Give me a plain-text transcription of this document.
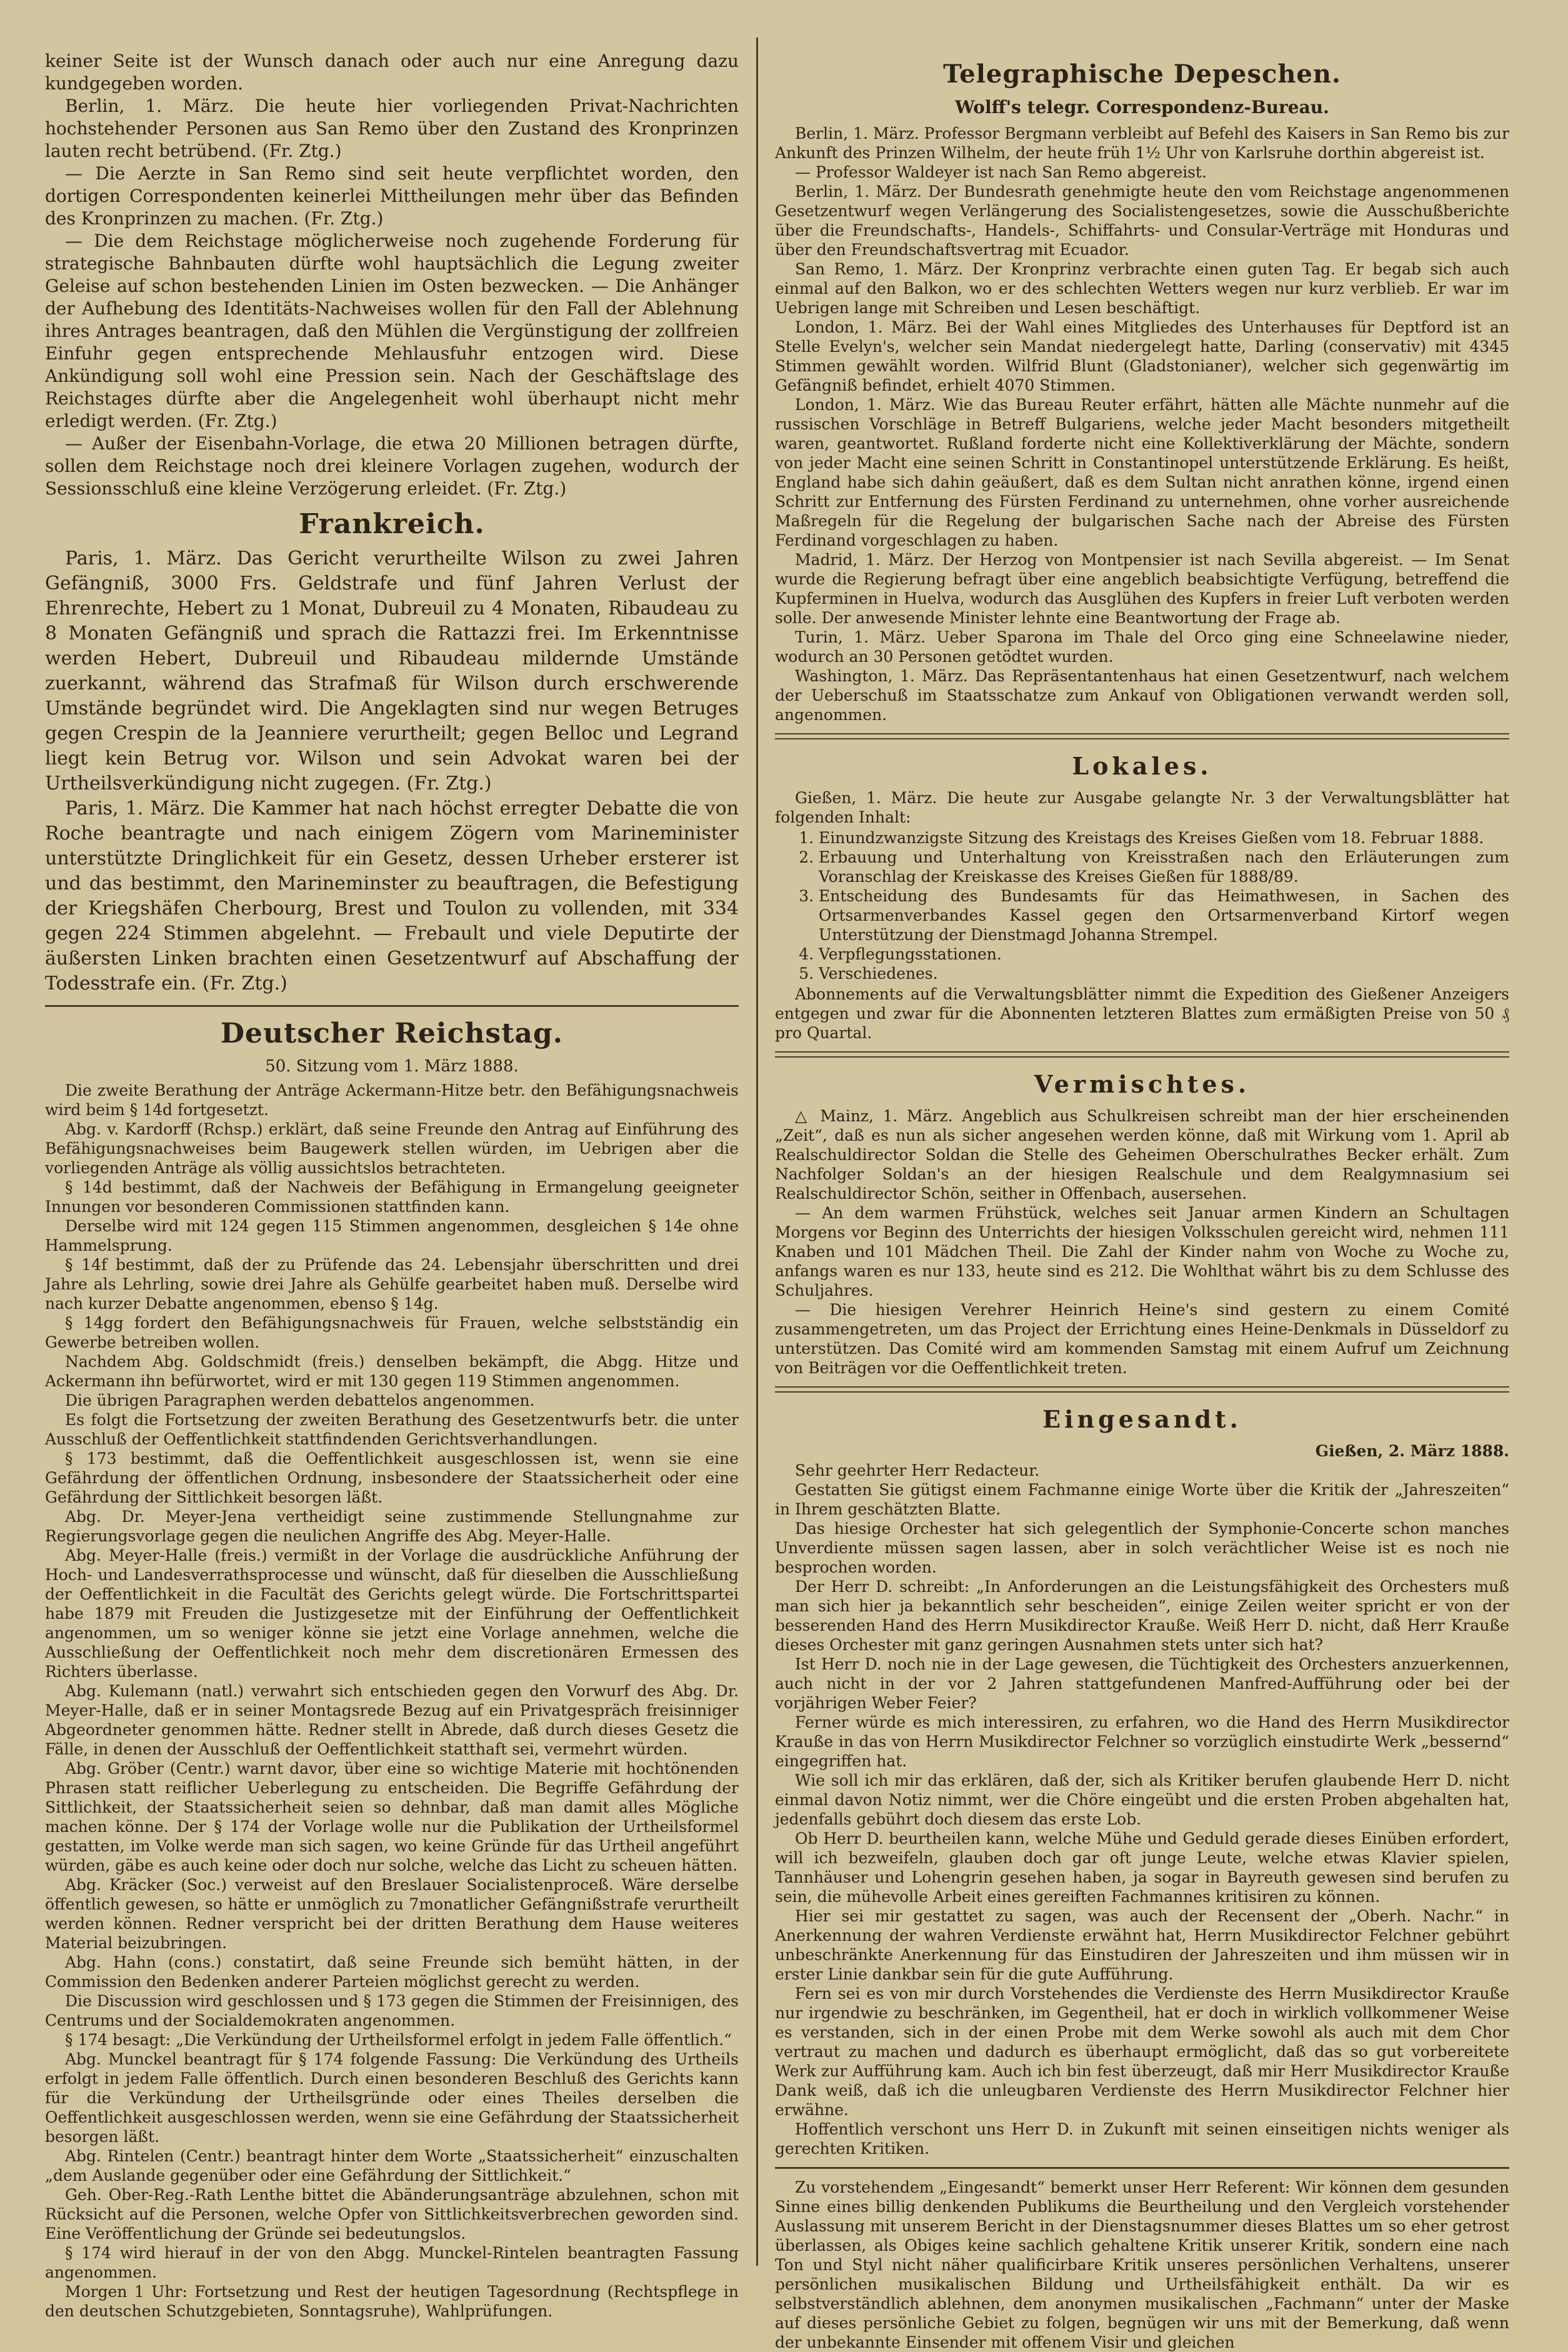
keiner Seite ist der Wunsch danach oder auch nur eine Anregung dazu kundgegeben worden.

Berlin, 1. März. Die heute hier vorliegenden Privat-Nachrichten hochstehender Personen aus San Remo über den Zustand des Kronprinzen lauten recht betrübend. (Fr. Ztg.)

— Die Aerzte in San Remo sind seit heute verpflichtet worden, den dortigen Correspondenten keinerlei Mittheilungen mehr über das Befinden des Kronprinzen zu machen. (Fr. Ztg.)

— Die dem Reichstage möglicherweise noch zugehende Forderung für strategische Bahnbauten dürfte wohl hauptsächlich die Legung zweiter Geleise auf schon bestehenden Linien im Osten bezwecken. — Die Anhänger der Aufhebung des Identitäts-Nachweises wollen für den Fall der Ablehnung ihres Antrages beantragen, daß den Mühlen die Vergünstigung der zollfreien Einfuhr gegen entsprechende Mehlausfuhr entzogen wird. Diese Ankündigung soll wohl eine Pression sein. Nach der Geschäftslage des Reichstages dürfte aber die Angelegenheit wohl überhaupt nicht mehr erledigt werden. (Fr. Ztg.)

— Außer der Eisenbahn-Vorlage, die etwa 20 Millionen betragen dürfte, sollen dem Reichstage noch drei kleinere Vorlagen zugehen, wodurch der Sessionsschluß eine kleine Verzögerung erleidet. (Fr. Ztg.)

Frankreich.

Paris, 1. März. Das Gericht verurtheilte Wilson zu zwei Jahren Gefängniß, 3000 Frs. Geldstrafe und fünf Jahren Verlust der Ehrenrechte, Hebert zu 1 Monat, Dubreuil zu 4 Monaten, Ribaudeau zu 8 Monaten Gefängniß und sprach die Rattazzi frei. Im Erkenntnisse werden Hebert, Dubreuil und Ribaudeau mildernde Umstände zuerkannt, während das Strafmaß für Wilson durch erschwerende Umstände begründet wird. Die Angeklagten sind nur wegen Betruges gegen Crespin de la Jeanniere verurtheilt; gegen Belloc und Legrand liegt kein Betrug vor. Wilson und sein Advokat waren bei der Urtheilsverkündigung nicht zugegen. (Fr. Ztg.)

Paris, 1. März. Die Kammer hat nach höchst erregter Debatte die von Roche beantragte und nach einigem Zögern vom Marineminister unterstützte Dringlichkeit für ein Gesetz, dessen Urheber ersterer ist und das bestimmt, den Marineminster zu beauftragen, die Befestigung der Kriegshäfen Cherbourg, Brest und Toulon zu vollenden, mit 334 gegen 224 Stimmen abgelehnt. — Frebault und viele Deputirte der äußersten Linken brachten einen Gesetzentwurf auf Abschaffung der Todesstrafe ein. (Fr. Ztg.)

Deutscher Reichstag.
50. Sitzung vom 1. März 1888.

Die zweite Berathung der Anträge Ackermann-Hitze betr. den Befähigungsnachweis wird beim § 14d fortgesetzt.

Abg. v. Kardorff (Rchsp.) erklärt, daß seine Freunde den Antrag auf Einführung des Befähigungsnachweises beim Baugewerk stellen würden, im Uebrigen aber die vorliegenden Anträge als völlig aussichtslos betrachteten.

§ 14d bestimmt, daß der Nachweis der Befähigung in Ermangelung geeigneter Innungen vor besonderen Commissionen stattfinden kann.

Derselbe wird mit 124 gegen 115 Stimmen angenommen, desgleichen § 14e ohne Hammelsprung.

§ 14f bestimmt, daß der zu Prüfende das 24. Lebensjahr überschritten und drei Jahre als Lehrling, sowie drei Jahre als Gehülfe gearbeitet haben muß. Derselbe wird nach kurzer Debatte angenommen, ebenso § 14g.

§ 14gg fordert den Befähigungsnachweis für Frauen, welche selbstständig ein Gewerbe betreiben wollen.

Nachdem Abg. Goldschmidt (freis.) denselben bekämpft, die Abgg. Hitze und Ackermann ihn befürwortet, wird er mit 130 gegen 119 Stimmen angenommen.

Die übrigen Paragraphen werden debattelos angenommen.

Es folgt die Fortsetzung der zweiten Berathung des Gesetzentwurfs betr. die unter Ausschluß der Oeffentlichkeit stattfindenden Gerichtsverhandlungen.

§ 173 bestimmt, daß die Oeffentlichkeit ausgeschlossen ist, wenn sie eine Gefährdung der öffentlichen Ordnung, insbesondere der Staatssicherheit oder eine Gefährdung der Sittlichkeit besorgen läßt.

Abg. Dr. Meyer-Jena vertheidigt seine zustimmende Stellungnahme zur Regierungsvorlage gegen die neulichen Angriffe des Abg. Meyer-Halle.

Abg. Meyer-Halle (freis.) vermißt in der Vorlage die ausdrückliche Anführung der Hoch- und Landesverrathsprocesse und wünscht, daß für dieselben die Ausschließung der Oeffentlichkeit in die Facultät des Gerichts gelegt würde. Die Fortschrittspartei habe 1879 mit Freuden die Justizgesetze mit der Einführung der Oeffentlichkeit angenommen, um so weniger könne sie jetzt eine Vorlage annehmen, welche die Ausschließung der Oeffentlichkeit noch mehr dem discretionären Ermessen des Richters überlasse.

Abg. Kulemann (natl.) verwahrt sich entschieden gegen den Vorwurf des Abg. Dr. Meyer-Halle, daß er in seiner Montagsrede Bezug auf ein Privatgespräch freisinniger Abgeordneter genommen hätte. Redner stellt in Abrede, daß durch dieses Gesetz die Fälle, in denen der Ausschluß der Oeffentlichkeit statthaft sei, vermehrt würden.

Abg. Gröber (Centr.) warnt davor, über eine so wichtige Materie mit hochtönenden Phrasen statt reiflicher Ueberlegung zu entscheiden. Die Begriffe Gefährdung der Sittlichkeit, der Staatssicherheit seien so dehnbar, daß man damit alles Mögliche machen könne. Der § 174 der Vorlage wolle nur die Publikation der Urtheilsformel gestatten, im Volke werde man sich sagen, wo keine Gründe für das Urtheil angeführt würden, gäbe es auch keine oder doch nur solche, welche das Licht zu scheuen hätten.

Abg. Kräcker (Soc.) verweist auf den Breslauer Socialistenproceß. Wäre derselbe öffentlich gewesen, so hätte er unmöglich zu 7monatlicher Gefängnißstrafe verurtheilt werden können. Redner verspricht bei der dritten Berathung dem Hause weiteres Material beizubringen.

Abg. Hahn (cons.) constatirt, daß seine Freunde sich bemüht hätten, in der Commission den Bedenken anderer Parteien möglichst gerecht zu werden.

Die Discussion wird geschlossen und § 173 gegen die Stimmen der Freisinnigen, des Centrums und der Socialdemokraten angenommen.

§ 174 besagt: „Die Verkündung der Urtheilsformel erfolgt in jedem Falle öffentlich.“

Abg. Munckel beantragt für § 174 folgende Fassung: Die Verkündung des Urtheils erfolgt in jedem Falle öffentlich. Durch einen besonderen Beschluß des Gerichts kann für die Verkündung der Urtheilsgründe oder eines Theiles derselben die Oeffentlichkeit ausgeschlossen werden, wenn sie eine Gefährdung der Staatssicherheit besorgen läßt.

Abg. Rintelen (Centr.) beantragt hinter dem Worte „Staatssicherheit“ einzuschalten „dem Auslande gegenüber oder eine Gefährdung der Sittlichkeit.“

Geh. Ober-Reg.-Rath Lenthe bittet die Abänderungsanträge abzulehnen, schon mit Rücksicht auf die Personen, welche Opfer von Sittlichkeitsverbrechen geworden sind. Eine Veröffentlichung der Gründe sei bedeutungslos.

§ 174 wird hierauf in der von den Abgg. Munckel-Rintelen beantragten Fassung angenommen.

Morgen 1 Uhr: Fortsetzung und Rest der heutigen Tagesordnung (Rechtspflege in den deutschen Schutzgebieten, Sonntagsruhe), Wahlprüfungen.

Telegraphische Depeschen.
Wolff's telegr. Correspondenz-Bureau.

Berlin, 1. März. Professor Bergmann verbleibt auf Befehl des Kaisers in San Remo bis zur Ankunft des Prinzen Wilhelm, der heute früh 1½ Uhr von Karlsruhe dorthin abgereist ist.

— Professor Waldeyer ist nach San Remo abgereist.

Berlin, 1. März. Der Bundesrath genehmigte heute den vom Reichstage angenommenen Gesetzentwurf wegen Verlängerung des Socialistengesetzes, sowie die Ausschußberichte über die Freundschafts-, Handels-, Schiffahrts- und Consular-Verträge mit Honduras und über den Freundschaftsvertrag mit Ecuador.

San Remo, 1. März. Der Kronprinz verbrachte einen guten Tag. Er begab sich auch einmal auf den Balkon, wo er des schlechten Wetters wegen nur kurz verblieb. Er war im Uebrigen lange mit Schreiben und Lesen beschäftigt.

London, 1. März. Bei der Wahl eines Mitgliedes des Unterhauses für Deptford ist an Stelle Evelyn's, welcher sein Mandat niedergelegt hatte, Darling (conservativ) mit 4345 Stimmen gewählt worden. Wilfrid Blunt (Gladstonianer), welcher sich gegenwärtig im Gefängniß befindet, erhielt 4070 Stimmen.

London, 1. März. Wie das Bureau Reuter erfährt, hätten alle Mächte nunmehr auf die russischen Vorschläge in Betreff Bulgariens, welche jeder Macht besonders mitgetheilt waren, geantwortet. Rußland forderte nicht eine Kollektiverklärung der Mächte, sondern von jeder Macht eine seinen Schritt in Constantinopel unterstützende Erklärung. Es heißt, England habe sich dahin geäußert, daß es dem Sultan nicht anrathen könne, irgend einen Schritt zur Entfernung des Fürsten Ferdinand zu unternehmen, ohne vorher ausreichende Maßregeln für die Regelung der bulgarischen Sache nach der Abreise des Fürsten Ferdinand vorgeschlagen zu haben.

Madrid, 1. März. Der Herzog von Montpensier ist nach Sevilla abgereist. — Im Senat wurde die Regierung befragt über eine angeblich beabsichtigte Verfügung, betreffend die Kupferminen in Huelva, wodurch das Ausglühen des Kupfers in freier Luft verboten werden solle. Der anwesende Minister lehnte eine Beantwortung der Frage ab.

Turin, 1. März. Ueber Sparona im Thale del Orco ging eine Schneelawine nieder, wodurch an 30 Personen getödtet wurden.

Washington, 1. März. Das Repräsentantenhaus hat einen Gesetzentwurf, nach welchem der Ueberschuß im Staatsschatze zum Ankauf von Obligationen verwandt werden soll, angenommen.

Lokales.

Gießen, 1. März. Die heute zur Ausgabe gelangte Nr. 3 der Verwaltungsblätter hat folgenden Inhalt:

1. Einundzwanzigste Sitzung des Kreistags des Kreises Gießen vom 18. Februar 1888.
2. Erbauung und Unterhaltung von Kreisstraßen nach den Erläuterungen zum Voranschlag der Kreiskasse des Kreises Gießen für 1888/89.
3. Entscheidung des Bundesamts für das Heimathwesen, in Sachen des Ortsarmenverbandes Kassel gegen den Ortsarmenverband Kirtorf wegen Unterstützung der Dienstmagd Johanna Strempel.
4. Verpflegungsstationen.
5. Verschiedenes.

Abonnements auf die Verwaltungsblätter nimmt die Expedition des Gießener Anzeigers entgegen und zwar für die Abonnenten letzteren Blattes zum ermäßigten Preise von 50 ₰ pro Quartal.

Vermischtes.

△ Mainz, 1. März. Angeblich aus Schulkreisen schreibt man der hier erscheinenden „Zeit“, daß es nun als sicher angesehen werden könne, daß mit Wirkung vom 1. April ab Realschuldirector Soldan die Stelle des Geheimen Oberschulrathes Becker erhält. Zum Nachfolger Soldan's an der hiesigen Realschule und dem Realgymnasium sei Realschuldirector Schön, seither in Offenbach, ausersehen.

— An dem warmen Frühstück, welches seit Januar armen Kindern an Schultagen Morgens vor Beginn des Unterrichts der hiesigen Volksschulen gereicht wird, nehmen 111 Knaben und 101 Mädchen Theil. Die Zahl der Kinder nahm von Woche zu Woche zu, anfangs waren es nur 133, heute sind es 212. Die Wohlthat währt bis zu dem Schlusse des Schuljahres.

— Die hiesigen Verehrer Heinrich Heine's sind gestern zu einem Comité zusammengetreten, um das Project der Errichtung eines Heine-Denkmals in Düsseldorf zu unterstützen. Das Comité wird am kommenden Samstag mit einem Aufruf um Zeichnung von Beiträgen vor die Oeffentlichkeit treten.

Eingesandt.
Gießen, 2. März 1888.

Sehr geehrter Herr Redacteur.

Gestatten Sie gütigst einem Fachmanne einige Worte über die Kritik der „Jahreszeiten“ in Ihrem geschätzten Blatte.

Das hiesige Orchester hat sich gelegentlich der Symphonie-Concerte schon manches Unverdiente müssen sagen lassen, aber in solch verächtlicher Weise ist es noch nie besprochen worden.

Der Herr D. schreibt: „In Anforderungen an die Leistungsfähigkeit des Orchesters muß man sich hier ja bekanntlich sehr bescheiden“, einige Zeilen weiter spricht er von der besserenden Hand des Herrn Musikdirector Krauße. Weiß Herr D. nicht, daß Herr Krauße dieses Orchester mit ganz geringen Ausnahmen stets unter sich hat?

Ist Herr D. noch nie in der Lage gewesen, die Tüchtigkeit des Orchesters anzuerkennen, auch nicht in der vor 2 Jahren stattgefundenen Manfred-Aufführung oder bei der vorjährigen Weber Feier?

Ferner würde es mich interessiren, zu erfahren, wo die Hand des Herrn Musikdirector Krauße in das von Herrn Musikdirector Felchner so vorzüglich einstudirte Werk „bessernd“ eingegriffen hat.

Wie soll ich mir das erklären, daß der, sich als Kritiker berufen glaubende Herr D. nicht einmal davon Notiz nimmt, wer die Chöre eingeübt und die ersten Proben abgehalten hat, jedenfalls gebührt doch diesem das erste Lob.

Ob Herr D. beurtheilen kann, welche Mühe und Geduld gerade dieses Einüben erfordert, will ich bezweifeln, glauben doch gar oft junge Leute, welche etwas Klavier spielen, Tannhäuser und Lohengrin gesehen haben, ja sogar in Bayreuth gewesen sind berufen zu sein, die mühevolle Arbeit eines gereiften Fachmannes kritisiren zu können.

Hier sei mir gestattet zu sagen, was auch der Recensent der „Oberh. Nachr.“ in Anerkennung der wahren Verdienste erwähnt hat, Herrn Musikdirector Felchner gebührt unbeschränkte Anerkennung für das Einstudiren der Jahreszeiten und ihm müssen wir in erster Linie dankbar sein für die gute Aufführung.

Fern sei es von mir durch Vorstehendes die Verdienste des Herrn Musikdirector Krauße nur irgendwie zu beschränken, im Gegentheil, hat er doch in wirklich vollkommener Weise es verstanden, sich in der einen Probe mit dem Werke sowohl als auch mit dem Chor vertraut zu machen und dadurch es überhaupt ermöglicht, daß das so gut vorbereitete Werk zur Aufführung kam. Auch ich bin fest überzeugt, daß mir Herr Musikdirector Krauße Dank weiß, daß ich die unleugbaren Verdienste des Herrn Musikdirector Felchner hier erwähne.

Hoffentlich verschont uns Herr D. in Zukunft mit seinen einseitigen nichts weniger als gerechten Kritiken.

Zu vorstehendem „Eingesandt“ bemerkt unser Herr Referent: Wir können dem gesunden Sinne eines billig denkenden Publikums die Beurtheilung und den Vergleich vorstehender Auslassung mit unserem Bericht in der Dienstagsnummer dieses Blattes um so eher getrost überlassen, als Obiges keine sachlich gehaltene Kritik unserer Kritik, sondern eine nach Ton und Styl nicht näher qualificirbare Kritik unseres persönlichen Verhaltens, unserer persönlichen musikalischen Bildung und Urtheilsfähigkeit enthält. Da wir es selbstverständlich ablehnen, dem anonymen musikalischen „Fachmann“ unter der Maske auf dieses persönliche Gebiet zu folgen, begnügen wir uns mit der Bemerkung, daß wenn der unbekannte Einsender mit offenem Visir und gleichen
